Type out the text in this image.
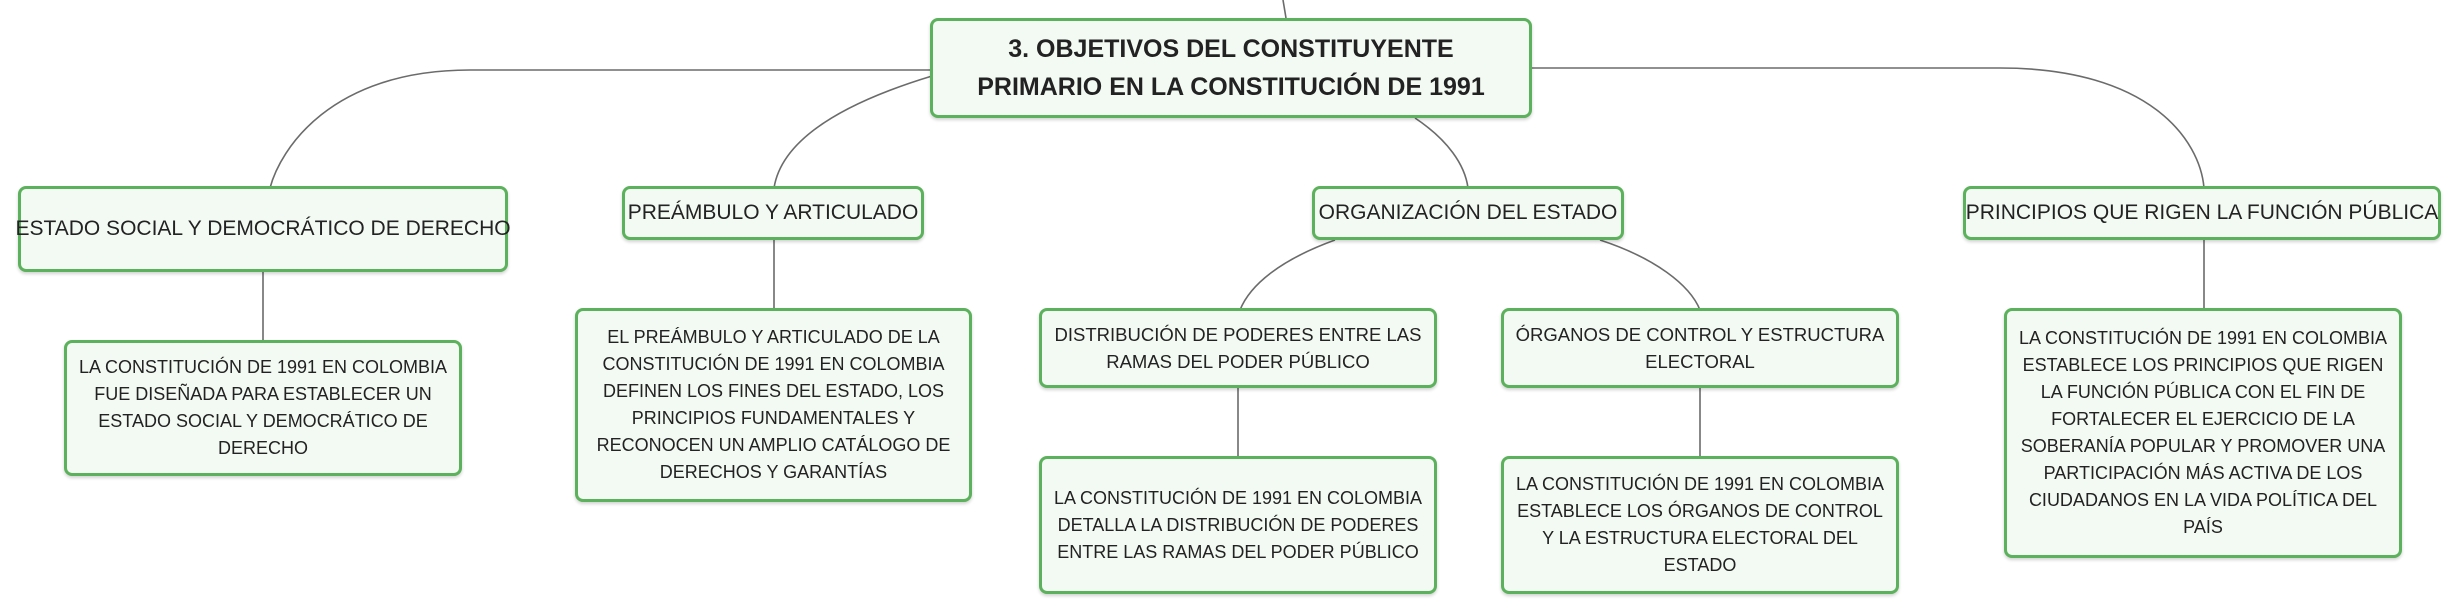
3. OBJETIVOS DEL CONSTITUYENTE PRIMARIO EN LA CONSTITUCIÓN DE 1991
ESTADO SOCIAL Y DEMOCRÁTICO DE DERECHO
LA CONSTITUCIÓN DE 1991 EN COLOMBIA FUE DISEÑADA PARA ESTABLECER UN ESTADO SOCIAL Y DEMOCRÁTICO DE DERECHO
PREÁMBULO Y ARTICULADO
EL PREÁMBULO Y ARTICULADO DE LA CONSTITUCIÓN DE 1991 EN COLOMBIA DEFINEN LOS FINES DEL ESTADO, LOS PRINCIPIOS FUNDAMENTALES Y RECONOCEN UN AMPLIO CATÁLOGO DE DERECHOS Y GARANTÍAS
ORGANIZACIÓN DEL ESTADO
DISTRIBUCIÓN DE PODERES ENTRE LAS RAMAS DEL PODER PÚBLICO
LA CONSTITUCIÓN DE 1991 EN COLOMBIA DETALLA LA DISTRIBUCIÓN DE PODERES ENTRE LAS RAMAS DEL PODER PÚBLICO
ÓRGANOS DE CONTROL Y ESTRUCTURA ELECTORAL
LA CONSTITUCIÓN DE 1991 EN COLOMBIA ESTABLECE LOS ÓRGANOS DE CONTROL Y LA ESTRUCTURA ELECTORAL DEL ESTADO
PRINCIPIOS QUE RIGEN LA FUNCIÓN PÚBLICA
LA CONSTITUCIÓN DE 1991 EN COLOMBIA ESTABLECE LOS PRINCIPIOS QUE RIGEN LA FUNCIÓN PÚBLICA CON EL FIN DE FORTALECER EL EJERCICIO DE LA SOBERANÍA POPULAR Y PROMOVER UNA PARTICIPACIÓN MÁS ACTIVA DE LOS CIUDADANOS EN LA VIDA POLÍTICA DEL PAÍS
